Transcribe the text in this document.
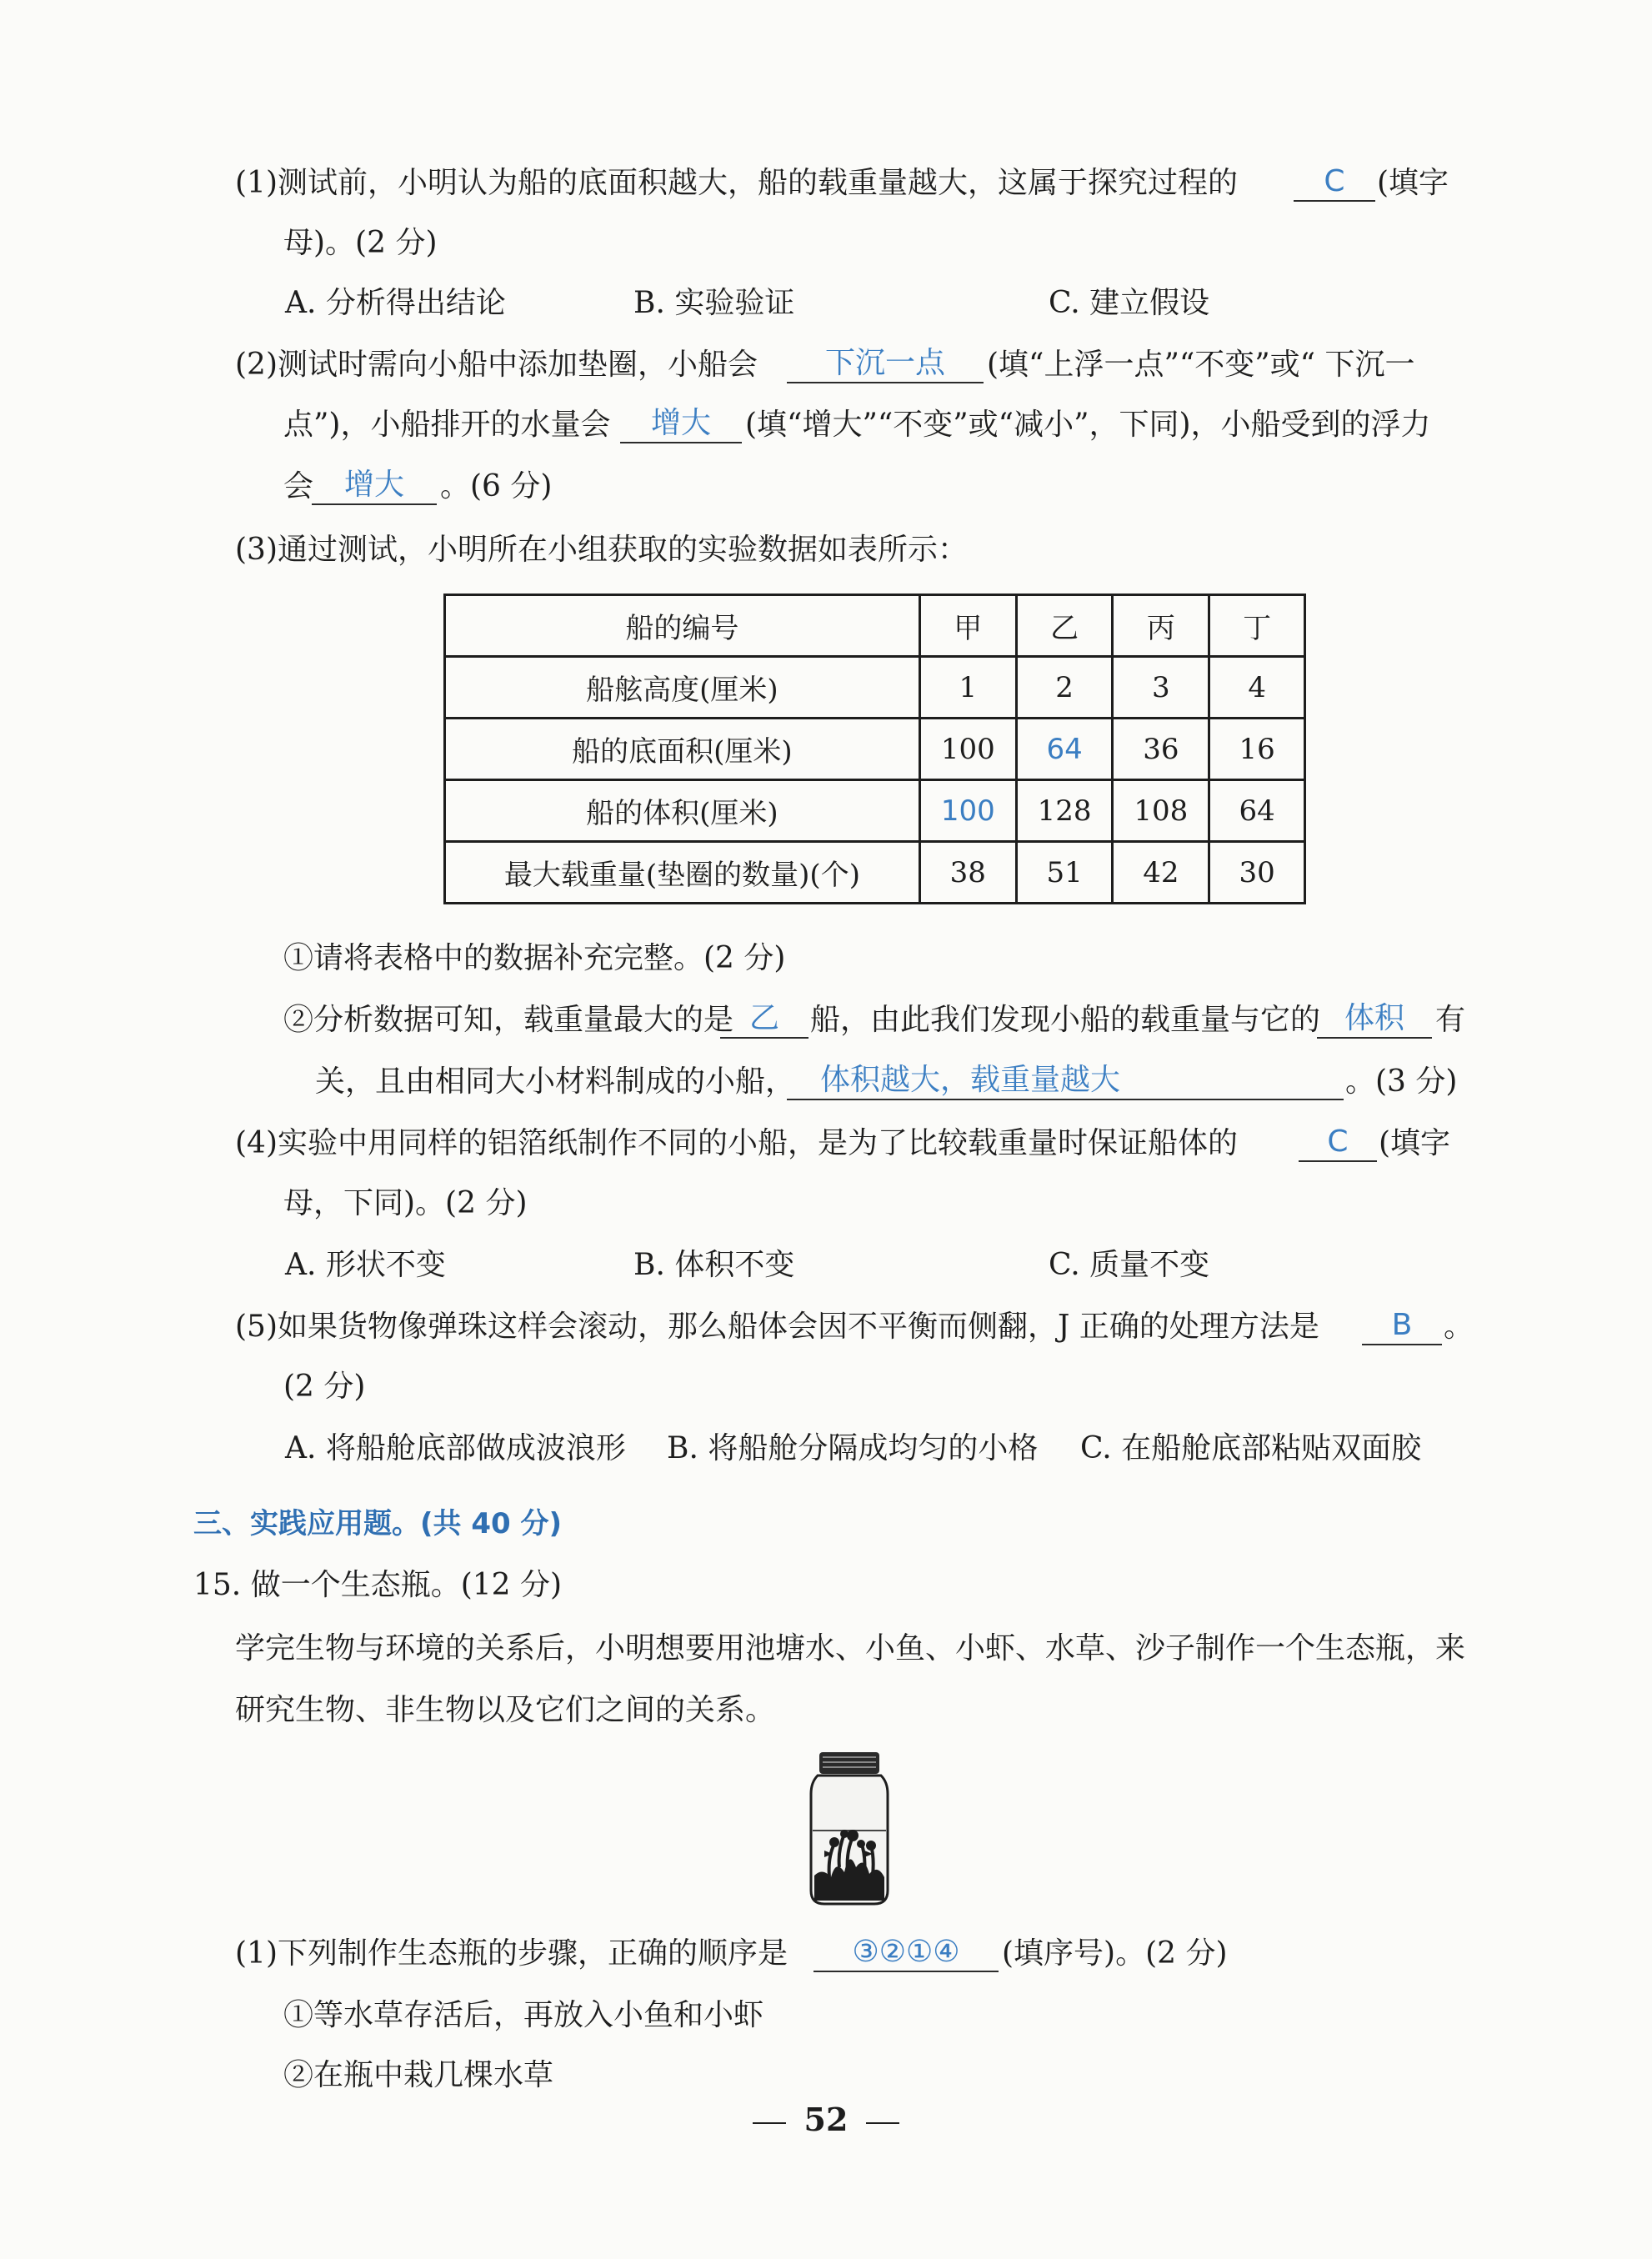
(1)测试前，小明认为船的底面积越大，船的载重量越大，这属于探究过程的	C	(填字
母)。(2 分)
A. 分析得出结论	B. 实验验证	C. 建立假设
(2)测试时需向小船中添加垫圈，小船会	下沉一点	(填“上浮一点”“不变”或“ 下沉一
点”)，小船排开的水量会	增大	(填“增大”“不变”或“减小”，下同)，小船受到的浮力
会	增大	。(6 分)
(3)通过测试，小明所在小组获取的实验数据如表所示：
船的编号	甲	乙	丙	丁
船舷高度(厘米)	1	2	3	4
船的底面积(厘米)	100	64	36	16
船的体积(厘米)	100	128	108	64
最大载重量(垫圈的数量)(个)	38	51	42	30
①请将表格中的数据补充完整。(2 分)
②分析数据可知，载重量最大的是 乙	船，由此我们发现小船的载重量与它的 体积	有
关，且由相同大小材料制成的小船， 体积越大，载重量越大	。(3 分)
(4)实验中用同样的铝箔纸制作不同的小船，是为了比较载重量时保证船体的	C	(填字
母，下同)。(2 分)
A. 形状不变	B. 体积不变	C. 质量不变
(5)如果货物像弹珠这样会滚动，那么船体会因不平衡而侧翻，J 正确的处理方法是	B	。
(2 分)
A. 将船舱底部做成波浪形 B. 将船舱分隔成均匀的小格 C. 在船舱底部粘贴双面胶
三、实践应用题。(共 40 分)
15. 做一个生态瓶。(12 分)
学完生物与环境的关系后，小明想要用池塘水、小鱼、小虾、水草、沙子制作一个生态瓶，来
研究生物、非生物以及它们之间的关系。
(1)下列制作生态瓶的步骤，正确的顺序是	③②①④	(填序号)。(2 分)
①等水草存活后，再放入小鱼和小虾
②在瓶中栽几棵水草
52
